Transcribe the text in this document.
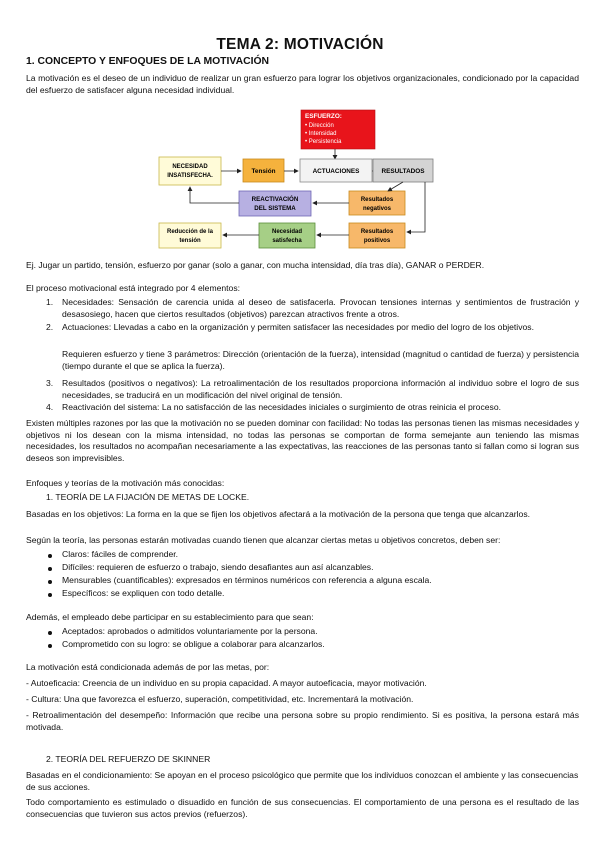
TEMA 2: MOTIVACIÓN
1. CONCEPTO Y ENFOQUES DE LA MOTIVACIÓN

La motivación es el deseo de un individuo de realizar un gran esfuerzo para lograr los objetivos organizacionales, condicionado por la capacidad del esfuerzo de satisfacer alguna necesidad individual.

ESFUERZO:
• Dirección
• Intensidad
• Persistencia
NECESIDAD
INSATISFECHA.
Tensión	ACTUACIONES	RESULTADOS
REACTIVACIÓN
DEL SISTEMA
Resultados
negativos
Reducción de la
tensión
Necesidad
satisfecha
Resultados
positivos

Ej. Jugar un partido, tensión, esfuerzo por ganar (solo a ganar, con mucha intensidad, día tras día), GANAR o PERDER.

El proceso motivacional está integrado por 4 elementos:

1. Necesidades: Sensación de carencia unida al deseo de satisfacerla. Provocan tensiones internas y sentimientos de frustración y desasosiego, hacen que ciertos resultados (objetivos) parezcan atractivos frente a otros.

2. Actuaciones: Llevadas a cabo en la organización y permiten satisfacer las necesidades por medio del logro de los objetivos.

Requieren esfuerzo y tiene 3 parámetros: Dirección (orientación de la fuerza), intensidad (magnitud o cantidad de fuerza) y persistencia (tiempo durante el que se aplica la fuerza).

3. Resultados (positivos o negativos): La retroalimentación de los resultados proporciona información al individuo sobre el logro de sus necesidades, se traducirá en un modificación del nivel original de tensión.

4. Reactivación del sistema: La no satisfacción de las necesidades iniciales o surgimiento de otras reinicia el proceso.

Existen múltiples razones por las que la motivación no se pueden dominar con facilidad: No todas las personas tienen las mismas necesidades y objetivos ni los desean con la misma intensidad, no todas las personas se comportan de forma semejante aun teniendo las mismas necesidades, los resultados no acompañan necesariamente a las expectativas, las reacciones de las personas tanto si fallan como si logran sus deseos son imprevisibles.

Enfoques y teorías de la motivación más conocidas:

1. TEORÍA DE LA FIJACIÓN DE METAS DE LOCKE.

Basadas en los objetivos: La forma en la que se fijen los objetivos afectará a la motivación de la persona que tenga que alcanzarlos.

Según la teoría, las personas estarán motivadas cuando tienen que alcanzar ciertas metas u objetivos concretos, deben ser:

Claros: fáciles de comprender.

Difíciles: requieren de esfuerzo o trabajo, siendo desafiantes aun así alcanzables.

Mensurables (cuantificables): expresados en términos numéricos con referencia a alguna escala.

Específicos: se expliquen con todo detalle.

Además, el empleado debe participar en su establecimiento para que sean:

Aceptados: aprobados o admitidos voluntariamente por la persona.

Comprometido con su logro: se obligue a colaborar para alcanzarlos.

La motivación está condicionada además de por las metas, por:

- Autoeficacia: Creencia de un individuo en su propia capacidad. A mayor autoeficacia, mayor motivación.

- Cultura: Una que favorezca el esfuerzo, superación, competitividad, etc. Incrementará la motivación.

- Retroalimentación del desempeño: Información que recibe una persona sobre su propio rendimiento. Si es positiva, la persona estará más motivada.

2. TEORÍA DEL REFUERZO DE SKINNER

Basadas en el condicionamiento: Se apoyan en el proceso psicológico que permite que los individuos conozcan el ambiente y las consecuencias de sus acciones.

Todo comportamiento es estimulado o disuadido en función de sus consecuencias. El comportamiento de una persona es el resultado de las consecuencias que tuvieron sus actos previos (refuerzos).
